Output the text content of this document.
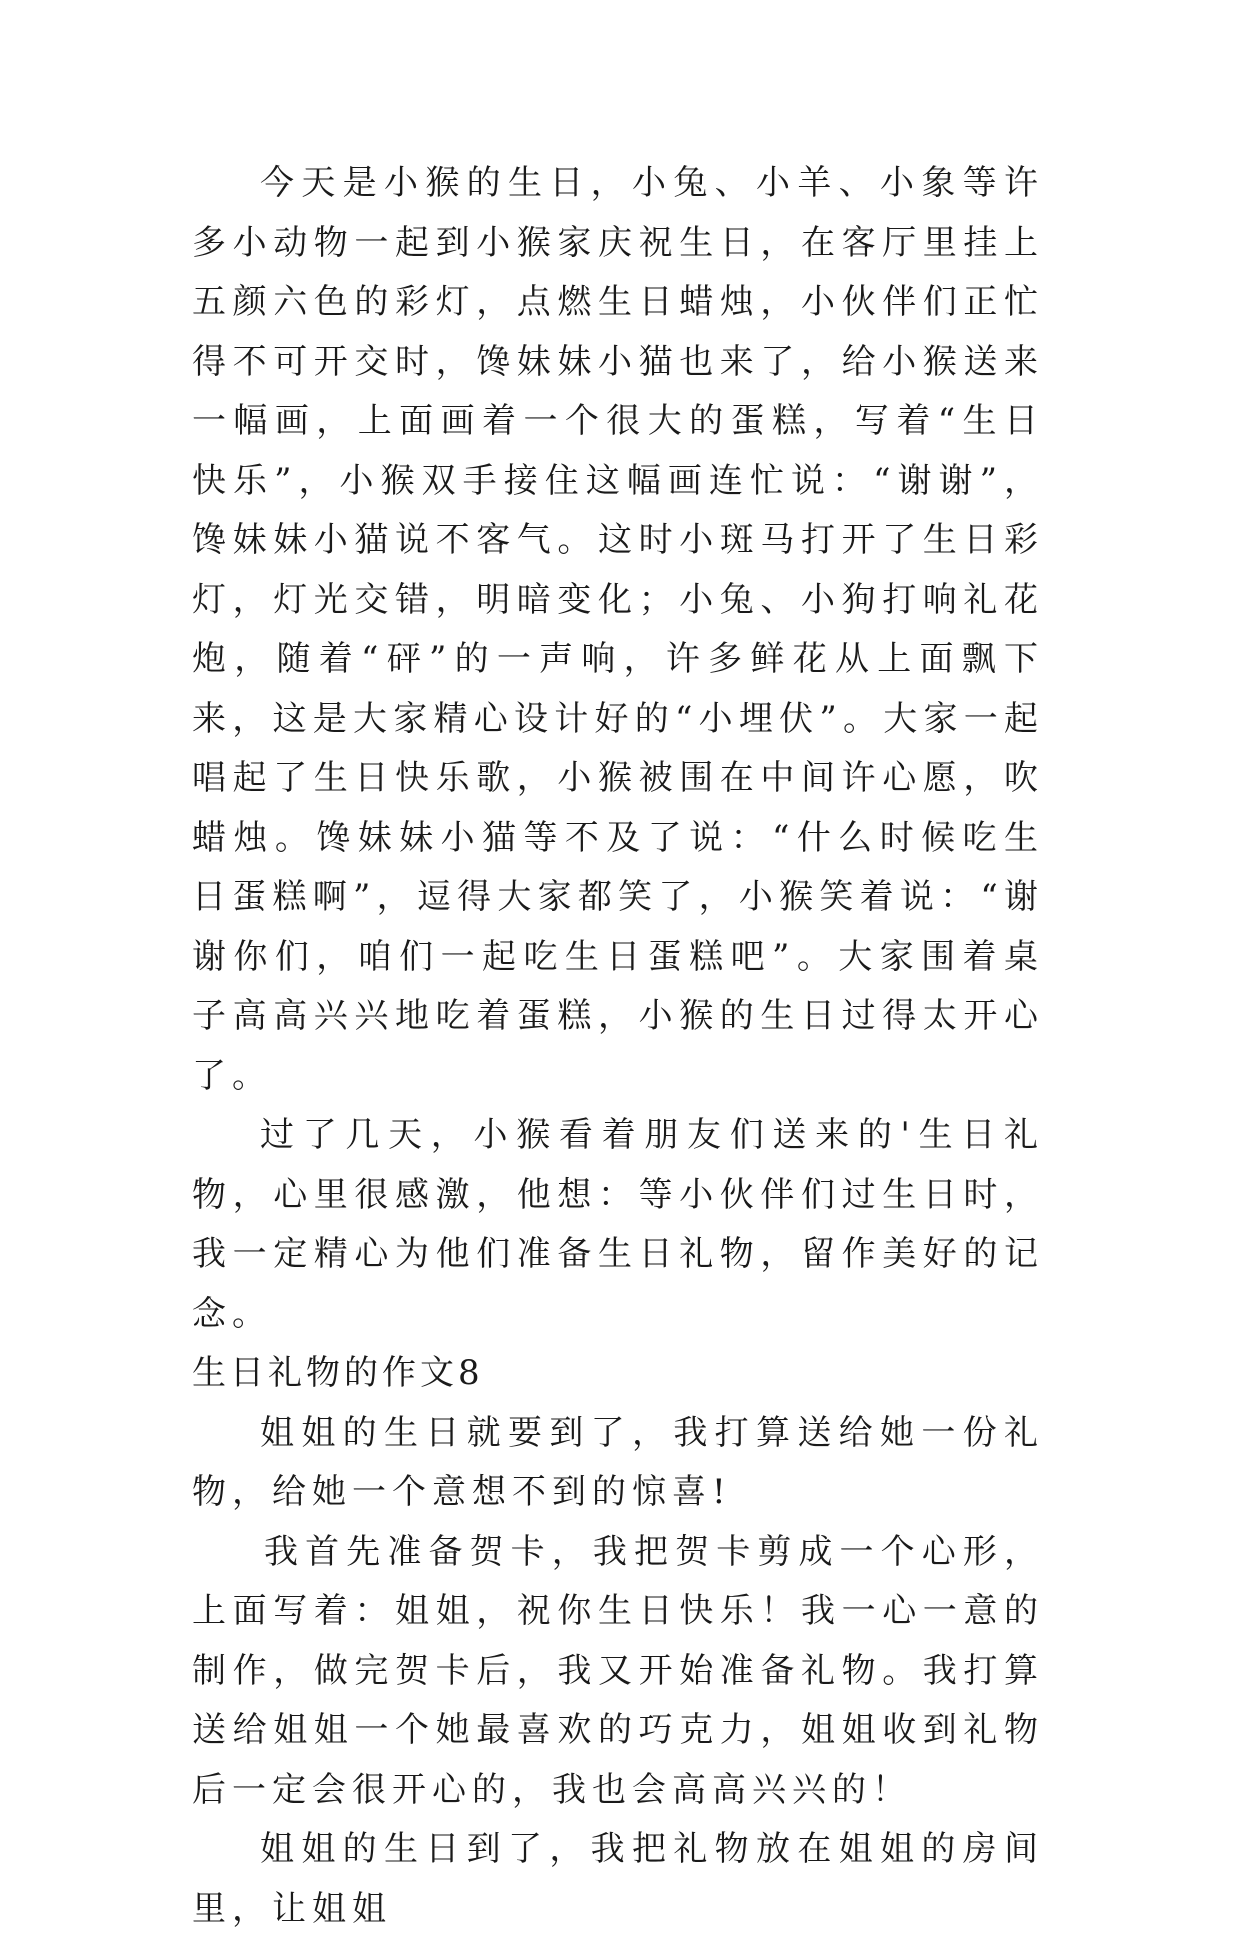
今天是小猴的生日，小兔、小羊、小象等许多小动物一起到小猴家庆祝生日，在客厅里挂上五颜六色的彩灯，点燃生日蜡烛，小伙伴们正忙得不可开交时，馋妹妹小猫也来了，给小猴送来一幅画，上面画着一个很大的蛋糕，写着“生日快乐”，小猴双手接住这幅画连忙说：“谢谢”，馋妹妹小猫说不客气。这时小斑马打开了生日彩灯，灯光交错，明暗变化；小兔、小狗打响礼花炮，随着“砰”的一声响，许多鲜花从上面飘下来，这是大家精心设计好的“小埋伏”。大家一起唱起了生日快乐歌，小猴被围在中间许心愿，吹蜡烛。馋妹妹小猫等不及了说：“什么时候吃生日蛋糕啊”，逗得大家都笑了，小猴笑着说：“谢谢你们，咱们一起吃生日蛋糕吧”。大家围着桌子高高兴兴地吃着蛋糕，小猴的生日过得太开心了。

过了几天，小猴看着朋友们送来的'生日礼物，心里很感激，他想：等小伙伴们过生日时，我一定精心为他们准备生日礼物，留作美好的记念。

生日礼物的作文8

姐姐的生日就要到了，我打算送给她一份礼物，给她一个意想不到的惊喜!

我首先准备贺卡，我把贺卡剪成一个心形，上面写着：姐姐，祝你生日快乐！我一心一意的制作，做完贺卡后，我又开始准备礼物。我打算送给姐姐一个她最喜欢的巧克力，姐姐收到礼物后一定会很开心的，我也会高高兴兴的！

姐姐的生日到了，我把礼物放在姐姐的房间里，让姐姐
